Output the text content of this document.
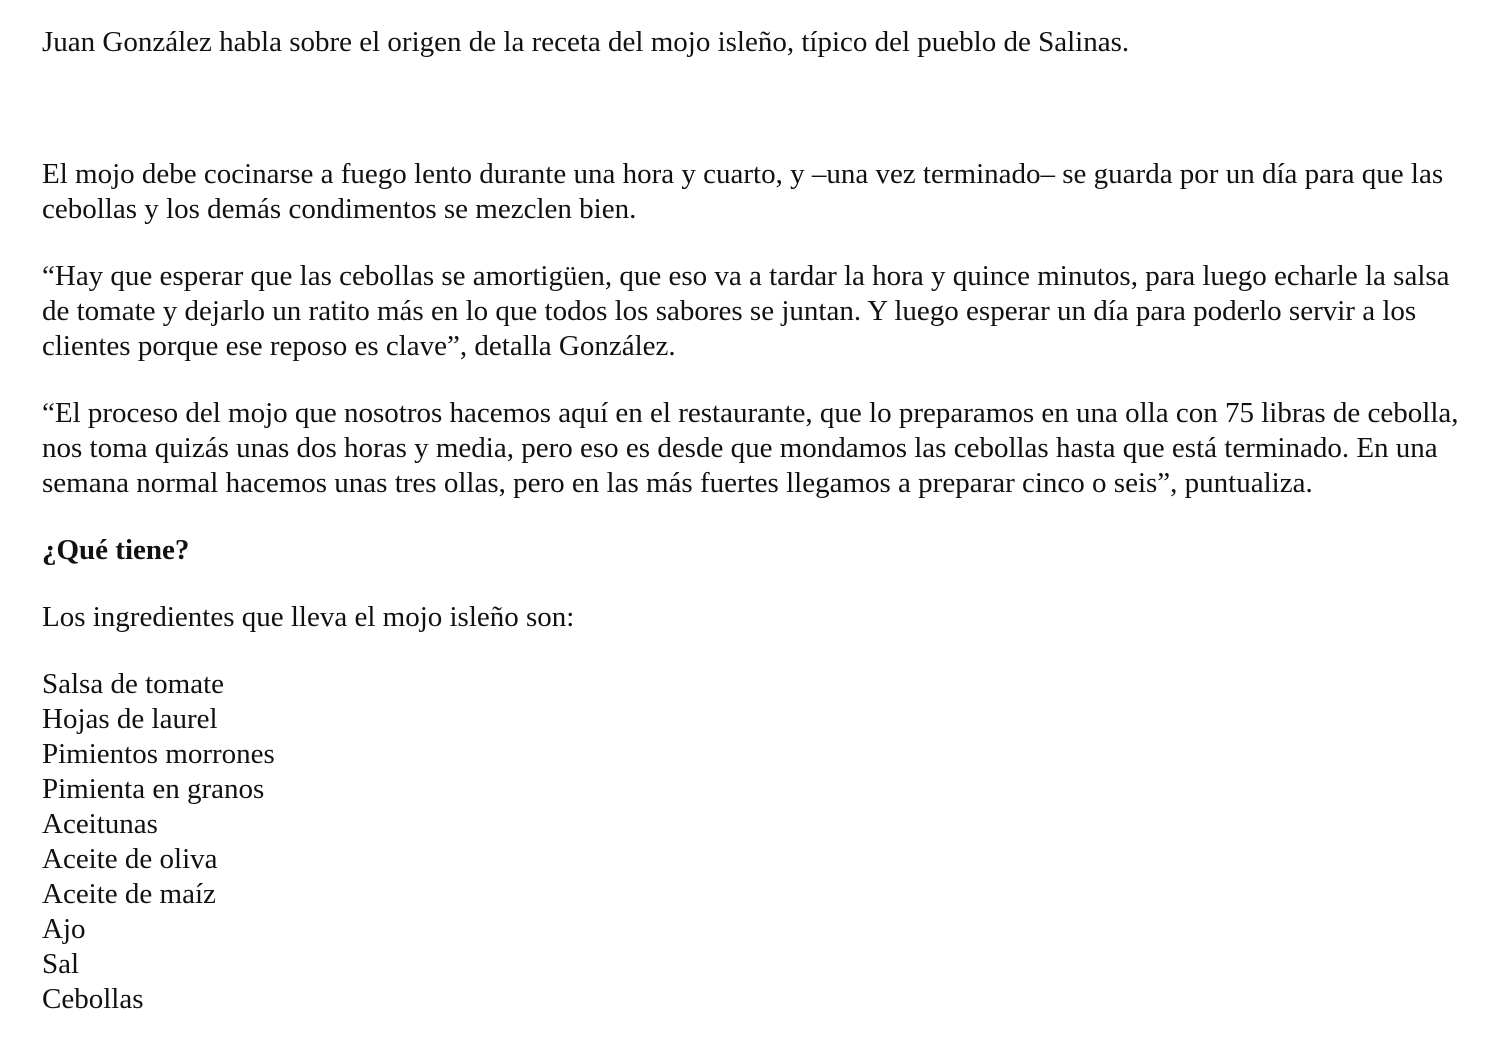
Juan González habla sobre el origen de la receta del mojo isleño, típico del pueblo de Salinas.

El mojo debe cocinarse a fuego lento durante una hora y cuarto, y –una vez terminado– se guarda por un día para que las cebollas y los demás condimentos se mezclen bien.

“Hay que esperar que las cebollas se amortigüen, que eso va a tardar la hora y quince minutos, para luego echarle la salsa de tomate y dejarlo un ratito más en lo que todos los sabores se juntan. Y luego esperar un día para poderlo servir a los clientes porque ese reposo es clave”, detalla González.

“El proceso del mojo que nosotros hacemos aquí en el restaurante, que lo preparamos en una olla con 75 libras de cebolla, nos toma quizás unas dos horas y media, pero eso es desde que mondamos las cebollas hasta que está terminado. En una semana normal hacemos unas tres ollas, pero en las más fuertes llegamos a preparar cinco o seis”, puntualiza.

¿Qué tiene?

Los ingredientes que lleva el mojo isleño son:

Salsa de tomate
Hojas de laurel
Pimientos morrones
Pimienta en granos
Aceitunas
Aceite de oliva
Aceite de maíz
Ajo
Sal
Cebollas
